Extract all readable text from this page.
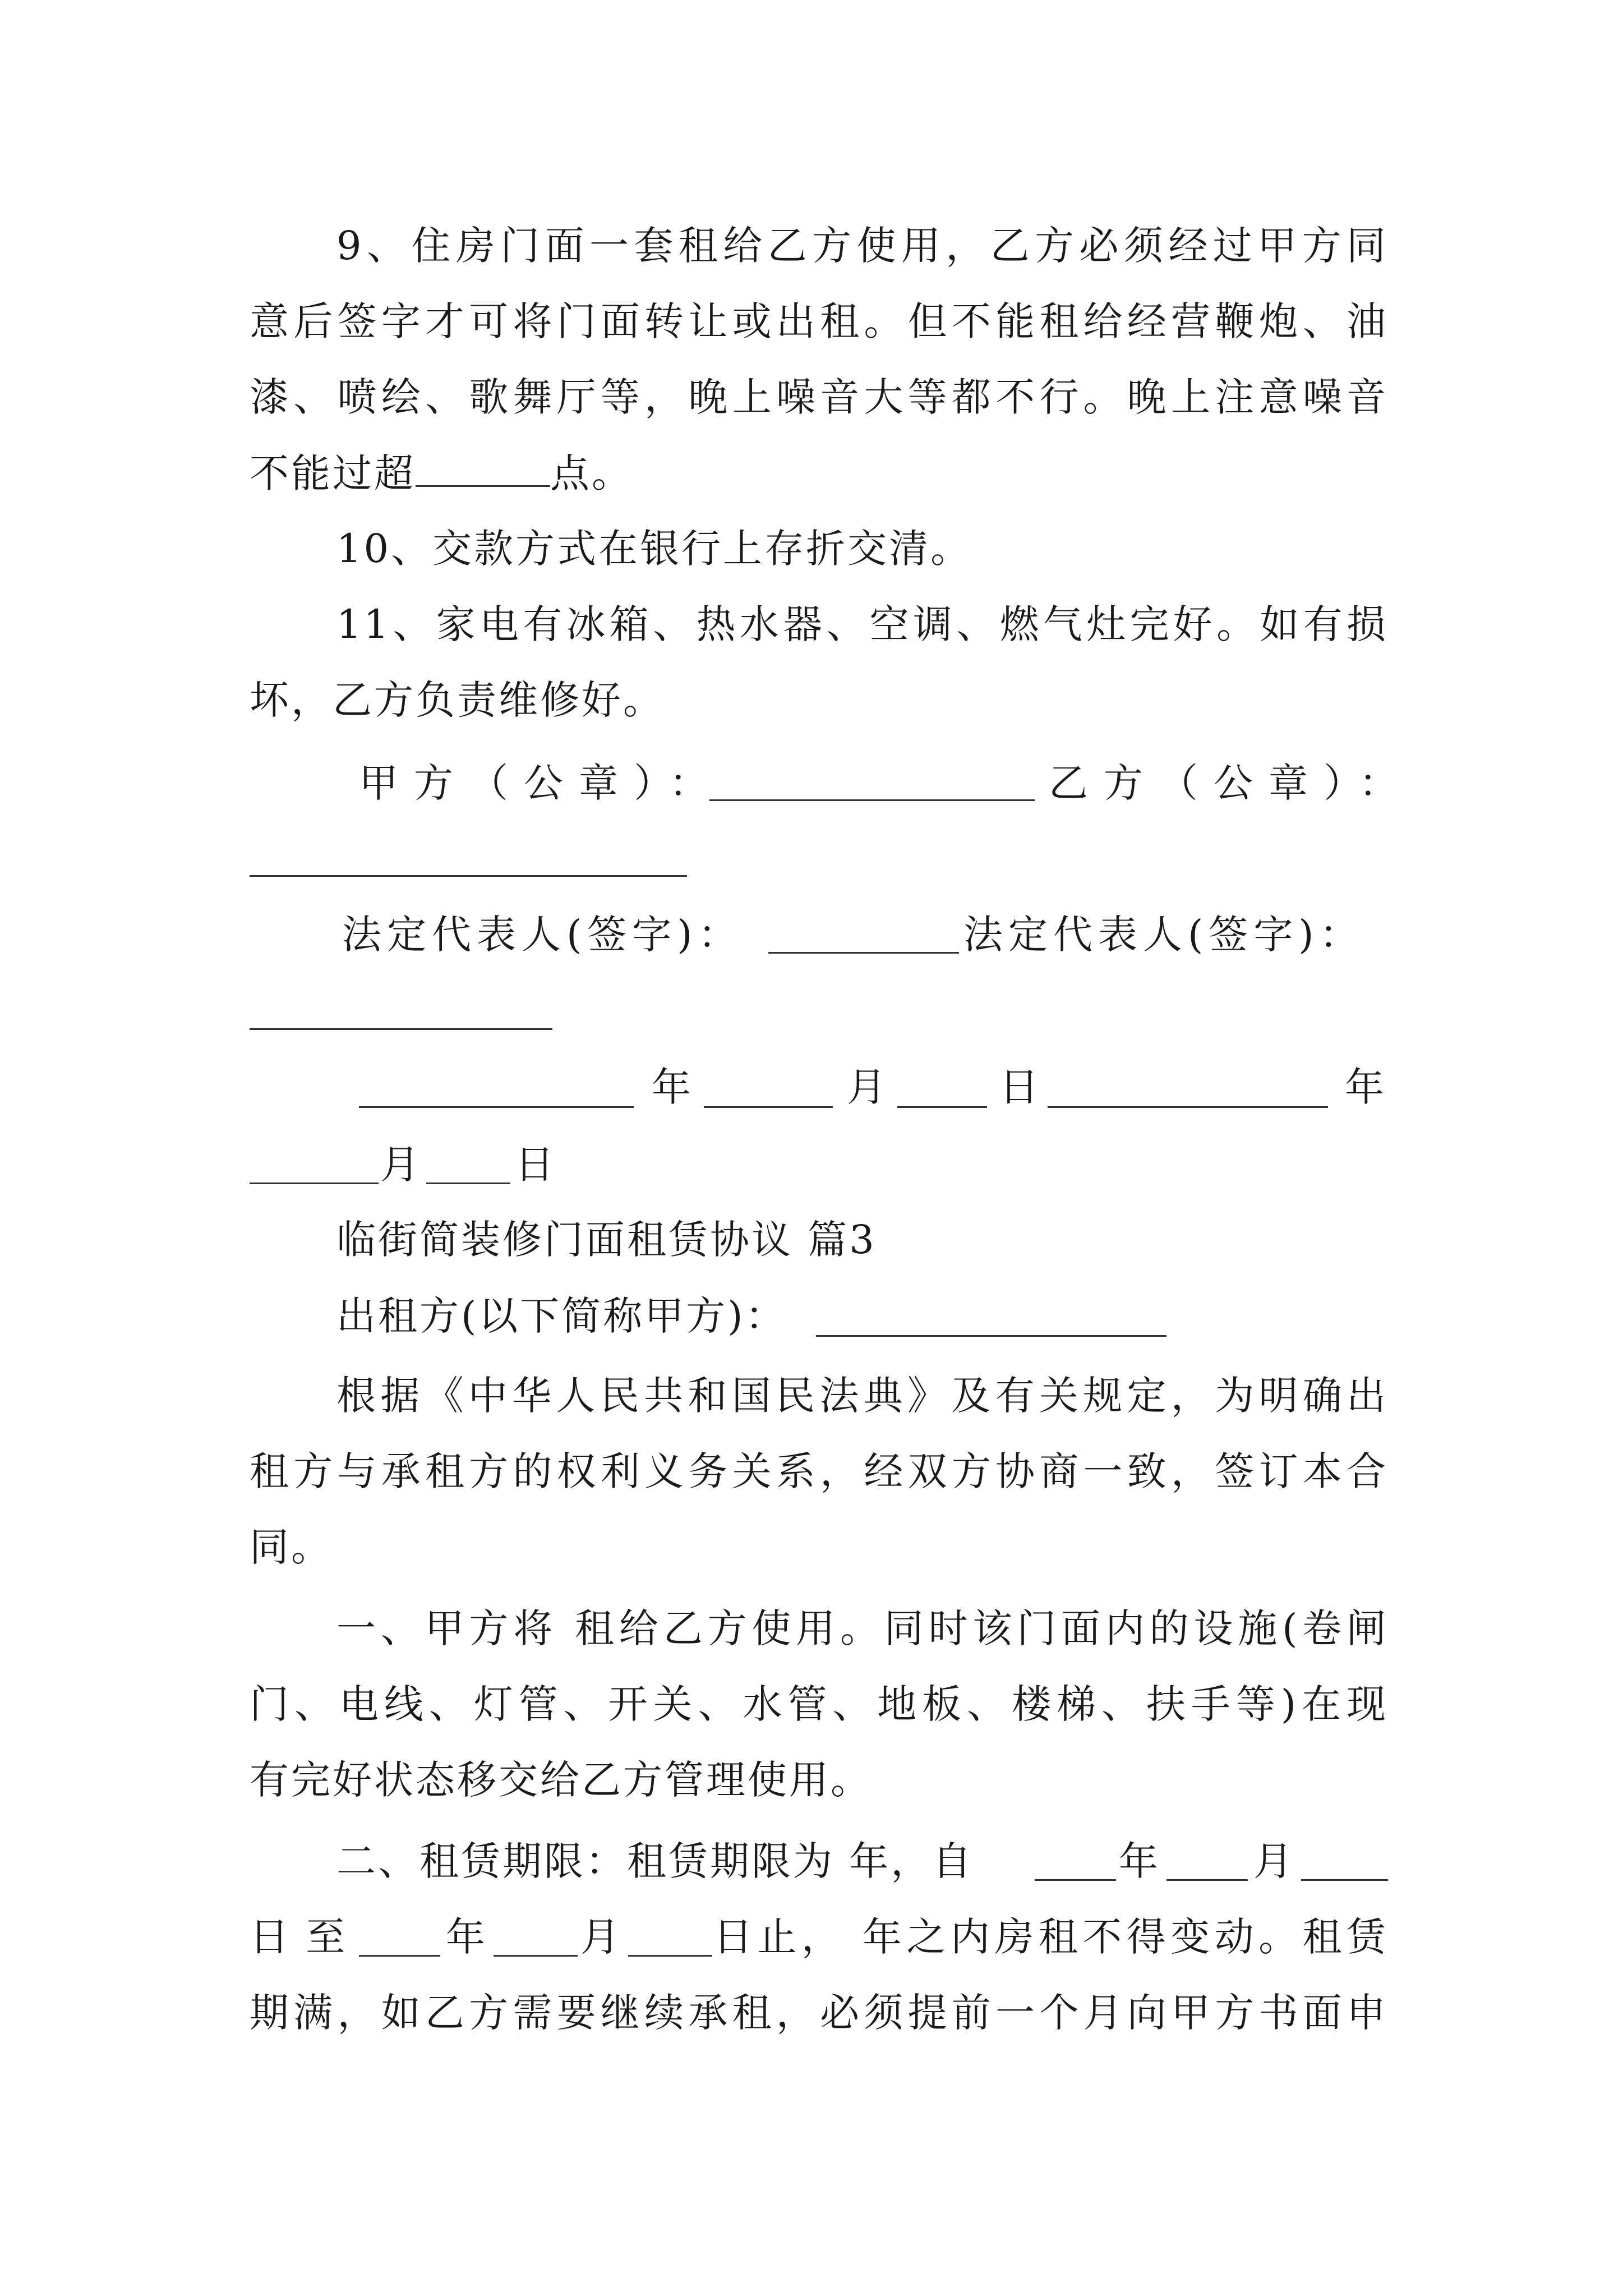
9、住房门面一套租给乙方使用，乙方必须经过甲方同
意后签字才可将门面转让或出租。但不能租给经营鞭炮、油
漆、喷绘、歌舞厅等，晚上噪音大等都不行。晚上注意噪音
不能过超	点。
10、交款方式在银行上存折交清。
11、家电有冰箱、热水器、空调、燃气灶完好。如有损
坏，乙方负责维修好。
甲方（公章）：	乙方（公章）：
法定代表人(签字)：	法定代表人(签字)：
年	月	日	年
月 日
临街简装修门面租赁协议 篇3
出租方(以下简称甲方)：
根据《中华人民共和国民法典》及有关规定，为明确出
租方与承租方的权利义务关系，经双方协商一致，签订本合
同。
一、甲方将 租给乙方使用。同时该门面内的设施(卷闸
门、电线、灯管、开关、水管、地板、楼梯、扶手等)在现
有完好状态移交给乙方管理使用。
二、租赁期限：租赁期限为 年，自	年 月
日 至	年 月 日止， 年之内房租不得变动。租赁
期满，如乙方需要继续承租，必须提前一个月向甲方书面申
